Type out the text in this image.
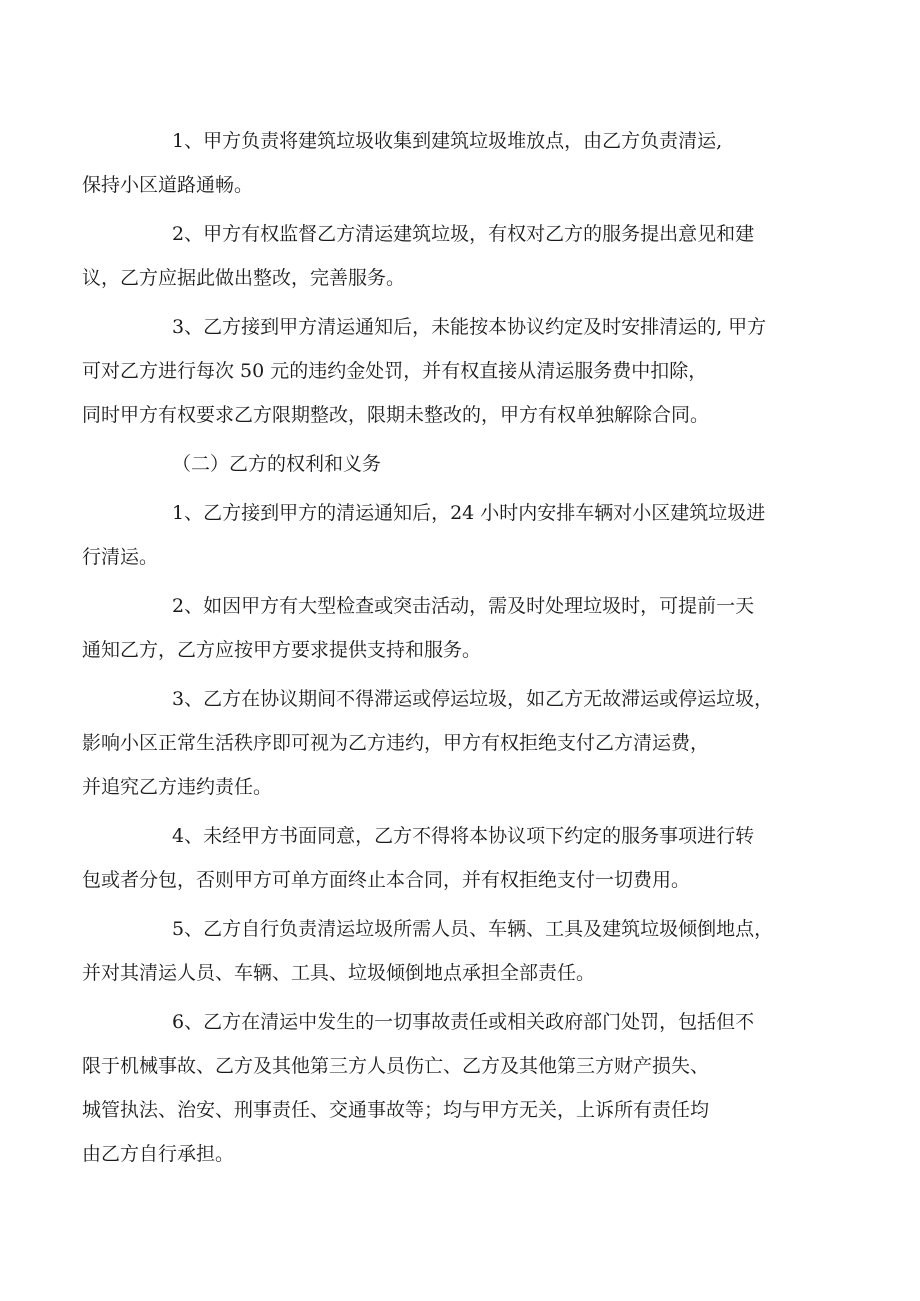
1、甲方负责将建筑垃圾收集到建筑垃圾堆放点，由乙方负责清运,
保持小区道路通畅。

2、甲方有权监督乙方清运建筑垃圾，有权对乙方的服务提出意见和建
议，乙方应据此做出整改，完善服务。

3、乙方接到甲方清运通知后，未能按本协议约定及时安排清运的, 甲方
可对乙方进行每次 50 元的违约金处罚，并有权直接从清运服务费中扣除，
同时甲方有权要求乙方限期整改，限期未整改的，甲方有权单独解除合同。

（二）乙方的权利和义务

1、乙方接到甲方的清运通知后，24 小时内安排车辆对小区建筑垃圾进
行清运。

2、如因甲方有大型检查或突击活动，需及时处理垃圾时，可提前一天
通知乙方，乙方应按甲方要求提供支持和服务。

3、乙方在协议期间不得滞运或停运垃圾，如乙方无故滞运或停运垃圾，
影响小区正常生活秩序即可视为乙方违约，甲方有权拒绝支付乙方清运费，
并追究乙方违约责任。

4、未经甲方书面同意，乙方不得将本协议项下约定的服务事项进行转
包或者分包，否则甲方可单方面终止本合同，并有权拒绝支付一切费用。

5、乙方自行负责清运垃圾所需人员、车辆、工具及建筑垃圾倾倒地点，
并对其清运人员、车辆、工具、垃圾倾倒地点承担全部责任。

6、乙方在清运中发生的一切事故责任或相关政府部门处罚，包括但不
限于机械事故、乙方及其他第三方人员伤亡、乙方及其他第三方财产损失、
城管执法、治安、刑事责任、交通事故等；均与甲方无关，上诉所有责任均
由乙方自行承担。
